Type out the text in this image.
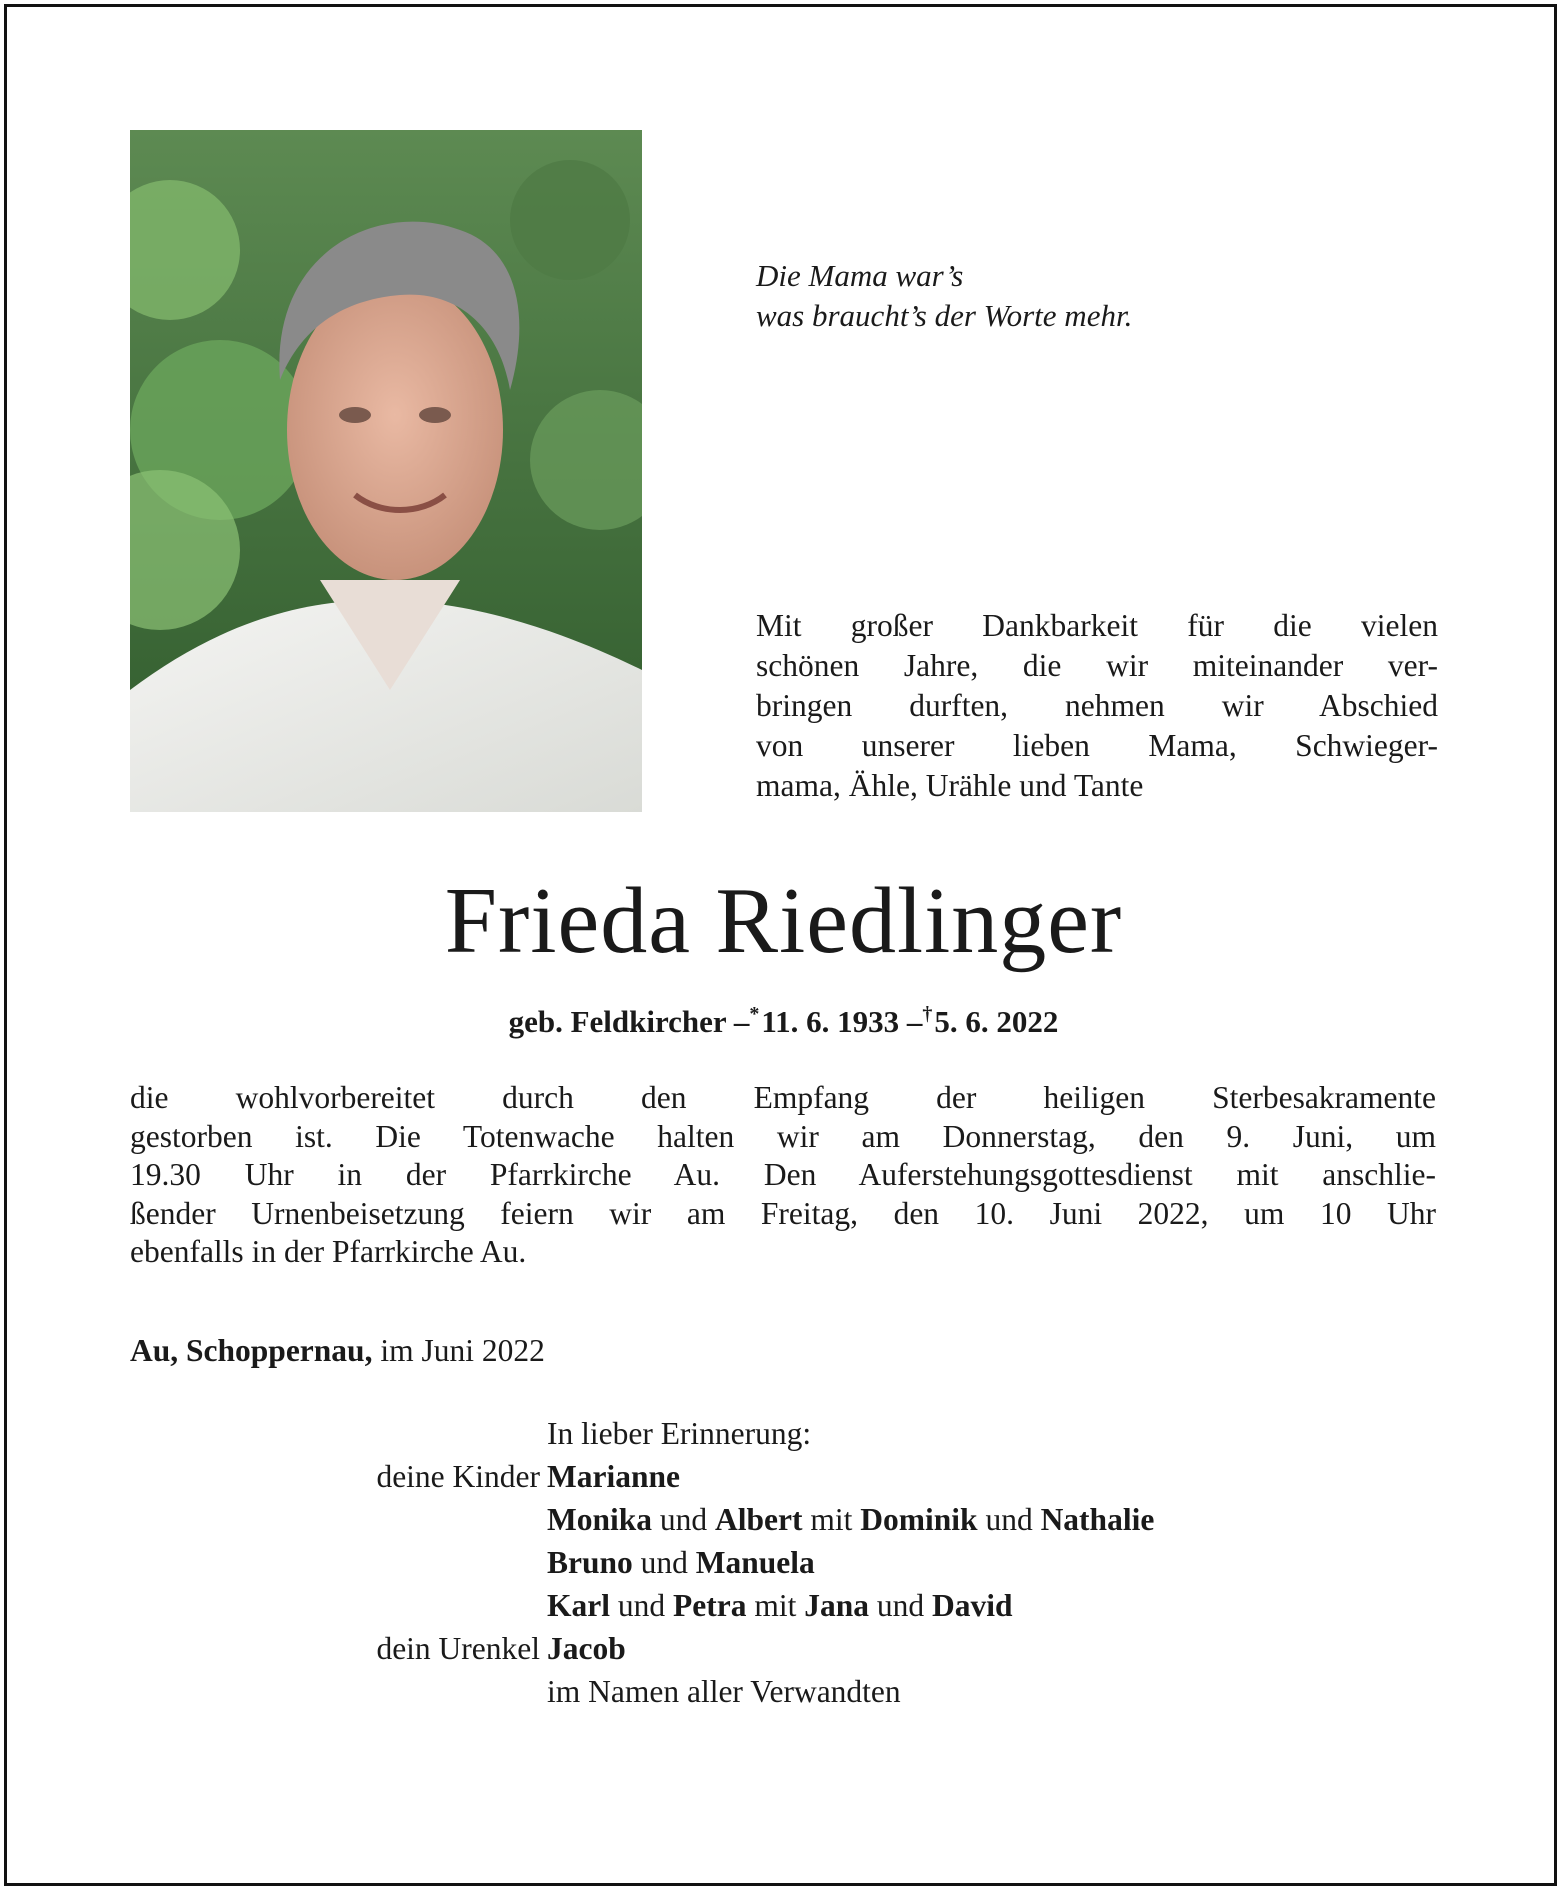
Die Mama war’s
was braucht’s der Worte mehr.
Mit großer Dankbarkeit für die vielen
schönen Jahre, die wir miteinander ver-
bringen durften, nehmen wir Abschied
von unserer lieben Mama, Schwieger-
mama, Ähle, Urähle und Tante
Frieda Riedlinger
geb. Feldkircher –*11. 6. 1933 –†5. 6. 2022
die wohlvorbereitet durch den Empfang der heiligen Sterbesakramente
gestorben ist. Die Totenwache halten wir am Donnerstag, den 9. Juni, um
19.30 Uhr in der Pfarrkirche Au. Den Auferstehungsgottesdienst mit anschlie-
ßender Urnenbeisetzung feiern wir am Freitag, den 10. Juni 2022, um 10 Uhr
ebenfalls in der Pfarrkirche Au.
Au, Schoppernau, im Juni 2022
In lieber Erinnerung:
deine Kinder Marianne
Monika und Albert mit Dominik und Nathalie
Bruno und Manuela
Karl und Petra mit Jana und David
dein Urenkel Jacob
im Namen aller Verwandten
